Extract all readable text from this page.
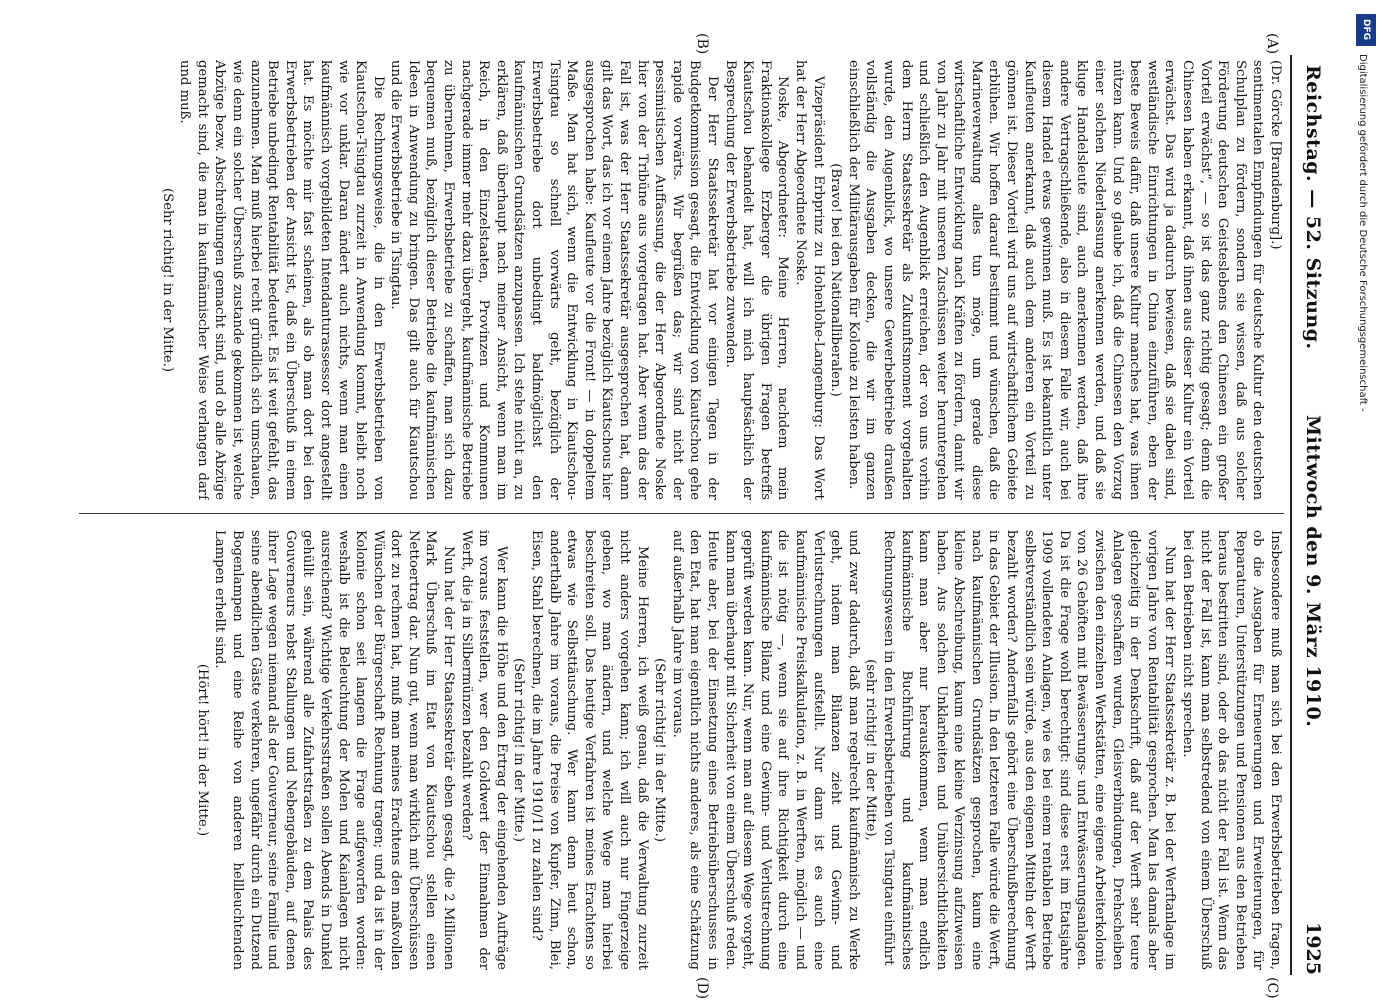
Reichstag. — 52. Sitzung.
Mittwoch den 9. März 1910.
1925
(A)
(B)
(C)
(D)

(Dr. Görcke [Brandenburg].)

sentimentalen Empfindungen für deutsche Kultur den deutschen Schulplan zu fördern, sondern sie wissen, daß aus solcher Förderung deutschen Geisteslebens den Chinesen ein großer Vorteil erwächst“, — so ist das ganz richtig gesagt; denn die Chinesen haben erkannt, daß ihnen aus dieser Kultur ein Vorteil erwächst. Das wird ja dadurch bewiesen, daß sie dabei sind, westländische Einrichtungen in China einzuführen, eben der beste Beweis dafür, daß unsere Kultur manches hat, was ihnen nützen kann. Und so glaube ich, daß die Chinesen den Vorzug einer solchen Niederlassung anerkennen werden, und daß sie kluge Handelsleute sind, auch anerkennen werden, daß ihre andere Vertragschließende, also in diesem Falle wir, auch bei diesem Handel etwas gewinnen muß. Es ist bekanntlich unter Kaufleuten anerkannt, daß auch dem anderen ein Vorteil zu gönnen ist. Dieser Vorteil wird uns auf wirtschaftlichem Gebiete erblühen. Wir hoffen darauf bestimmt und wünschen, daß die Marineverwaltung alles tun möge, um gerade diese wirtschaftliche Entwicklung nach Kräften zu fördern, damit wir von Jahr zu Jahr mit unseren Zuschüssen weiter heruntergehen und schließlich den Augenblick erreichen, der von uns vorhin dem Herrn Staatssekretär als Zukunftsmoment vorgehalten wurde, den Augenblick, wo unsere Gewerbebetriebe draußen vollständig die Ausgaben decken, die wir im ganzen einschließlich der Militärausgaben für Kolonie zu leisten haben.

(Bravo! bei den Nationalliberalen.)

Vizepräsident Erbprinz zu Hohenlohe-Langenburg: Das Wort hat der Herr Abgeordnete Noske.

Noske, Abgeordneter: Meine Herren, nachdem mein Fraktionskollege Erzberger die übrigen Fragen betreffs Kiautschou behandelt hat, will ich mich hauptsächlich der Besprechung der Erwerbsbetriebe zuwenden.

Der Herr Staatssekretär hat vor einigen Tagen in der Budgetkommission gesagt, die Entwicklung von Kiautschou gehe rapide vorwärts. Wir begrüßen das; wir sind nicht der pessimistischen Auffassung, die der Herr Abgeordnete Noske hier von der Tribüne aus vorgetragen hat. Aber wenn das der Fall ist, was der Herr Staatssekretär ausgesprochen hat, dann gilt das Wort, das ich vor einem Jahre bezüglich Kiautschous hier ausgesprochen habe: Kaufleute vor die Front! — in doppeltem Maße. Man hat sich, wenn die Entwicklung in Kiautschou-Tsingtau so schnell vorwärts geht, bezüglich der Erwerbsbetriebe dort unbedingt baldmöglichst den kaufmännischen Grundsätzen anzupassen. Ich stehe nicht an, zu erklären, daß überhaupt nach meiner Ansicht, wenn man im Reich, in den Einzelstaaten, Provinzen und Kommunen nachgerade immer mehr dazu übergeht, kaufmännische Betriebe zu übernehmen, Erwerbsbetriebe zu schaffen, man sich dazu bequemen muß, bezüglich dieser Betriebe die kaufmännischen Ideen in Anwendung zu bringen. Das gilt auch für Kiautschou und die Erwerbsbetriebe in Tsingtau.

Die Rechnungsweise, die in den Erwerbsbetrieben von Kiautschou-Tsingtau zurzeit in Anwendung kommt, bleibt noch wie vor unklar. Daran ändert auch nichts, wenn man einen kaufmännisch vorgebildeten Intendanturassessor dort angestellt hat. Es möchte mir fast scheinen, als ob man dort bei den Erwerbsbetrieben der Ansicht ist, daß ein Überschuß in einem Betriebe unbedingt Rentabilität bedeutet. Es ist weit gefehlt, das anzunehmen. Man muß hierbei recht gründlich sich umschauen, wie denn ein solcher Überschuß zustande gekommen ist, welche Abzüge bezw. Abschreibungen gemacht sind, und ob alle Abzüge gemacht sind, die man in kaufmännischer Weise verlangen darf und muß.

(Sehr richtig! in der Mitte.)

Insbesondere muß man sich bei den Erwerbsbetrieben fragen, ob die Ausgaben für Erneuerungen und Erweiterungen, für Reparaturen, Unterstützungen und Pensionen aus den Betrieben heraus bestritten sind, oder ob das nicht der Fall ist. Wenn das nicht der Fall ist, kann man selbstredend von einem Überschuß bei den Betrieben nicht sprechen.

Nun hat der Herr Staatssekretär z. B. bei der Werftanlage im vorigen Jahre von Rentabilität gesprochen. Man las damals aber gleichzeitig in der Denkschrift, daß auf der Werft sehr teure Anlagen geschaffen wurden, Gleisverbindungen, Drehscheiben zwischen den einzelnen Werkstätten, eine eigene Arbeiterkolonie von 26 Gehöften mit Bewässerungs- und Entwässerungsanlagen. Da ist die Frage wohl berechtigt: sind diese erst im Etatsjahre 1909 vollendeten Anlagen, wie es bei einem rentablen Betriebe selbstverständlich sein würde, aus den eigenen Mitteln der Werft bezahlt worden? Andernfalls gehört eine Überschußberechnung in das Gebiet der Illusion. In den letzteren Falle würde die Werft, nach kaufmännischen Grundsätzen gesprochen, kaum eine kleine Abschreibung, kaum eine kleine Verzinsung aufzuweisen haben. Aus solchen Unklarheiten und Unübersichtlichkeiten kann man aber nur herauskommen, wenn man endlich kaufmännische Buchführung und kaufmännisches Rechnungswesen in den Erwerbsbetrieben von Tsingtau einführt

(sehr richtig! in der Mitte),

und zwar dadurch, daß man regelrecht kaufmännisch zu Werke geht, indem man Bilanzen zieht und Gewinn- und Verlustrechnungen aufstellt. Nur dann ist es auch eine kaufmännische Preiskalkulation, z. B. in Werften, möglich — und die ist nötig —, wenn sie auf ihre Richtigkeit durch eine kaufmännische Bilanz und eine Gewinn- und Verlustrechnung geprüft werden kann. Nur, wenn man auf diesem Wege vorgeht, kann man überhaupt mit Sicherheit von einem Überschuß reden. Heute aber, bei der Einsetzung eines Betriebsüberschusses in den Etat, hat man eigentlich nichts anderes, als eine Schätzung auf außerhalb Jahre im voraus.

(Sehr richtig! in der Mitte.)

Meine Herren, ich weiß genau, daß die Verwaltung zurzeit nicht anders vorgehen kann; ich will auch nur Fingerzeige geben, wo man ändern, und welche Wege man hierbei beschreiten soll. Das heutige Verfahren ist meines Erachtens so etwas wie Selbsttäuschung. Wer kann denn heut schon, anderthalb Jahre im voraus, die Preise von Kupfer, Zinn, Blei, Eisen, Stahl berechnen, die im Jahre 1910/11 zu zahlen sind?

(Sehr richtig! in der Mitte.)

Wer kann die Höhe und den Ertrag der eingehenden Aufträge im voraus feststellen, wer den Goldwert der Einnahmen der Werft, die ja in Silbermünzen bezahlt werden?

Nun hat der Herr Staatssekretär eben gesagt, die 2 Millionen Mark Überschuß im Etat von Kiautschou stellen einen Nettoertrag dar. Nun gut, wenn man wirklich mit Überschüssen dort zu rechnen hat, muß man meines Erachtens den maßvollen Wünschen der Bürgerschaft Rechnung tragen; und da ist in der Kolonie schon seit langem die Frage aufgeworfen worden: weshalb ist die Beleuchtung der Molen und Kaianlagen nicht ausreichend? Wichtige Verkehrsstraßen sollen Abends in Dunkel gehüllt sein, während alle Zufahrtstraßen zu dem Palais des Gouverneurs nebst Stallungen und Nebengebäuden, auf denen ihrer Lage wegen niemand als der Gouverneur, seine Familie und seine abendlichen Gäste verkehren, ungefähr durch ein Dutzend Bogenlampen und eine Reihe von anderen hellleuchtenden Lampen erhellt sind.

(Hört! hört! in der Mitte.)

DFG
Digitalisierung gefördert durch die Deutsche Forschungsgemeinschaft -
